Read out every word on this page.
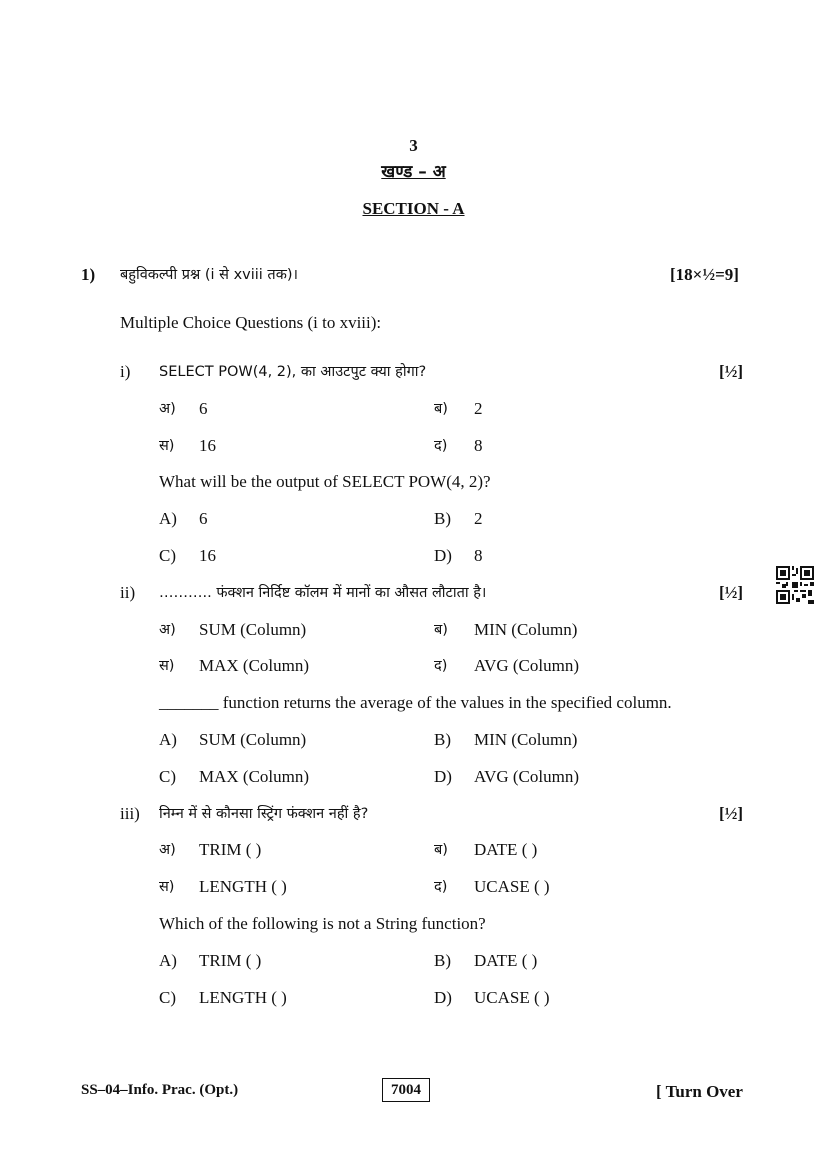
3
खण्ड – अ
SECTION - A
1) बहुविकल्पी प्रश्न (i से xviii तक)।	[18×½=9]
Multiple Choice Questions (i to xviii):
i) SELECT POW(4, 2), का आउटपुट क्या होगा?	[½]
अ) 6	ब) 2
स) 16	द) 8
What will be the output of SELECT POW(4, 2)?
A) 6	B) 2
C) 16	D) 8
ii) ……….. फंक्शन निर्दिष्ट कॉलम में मानों का औसत लौटाता है।	[½]
अ) SUM (Column)	ब) MIN (Column)
स) MAX (Column)	द) AVG (Column)
_______ function returns the average of the values in the specified column.
A) SUM (Column)	B) MIN (Column)
C) MAX (Column)	D) AVG (Column)
iii) निम्न में से कौनसा स्ट्रिंग फंक्शन नहीं है?	[½]
अ) TRIM ( )	ब) DATE ( )
स) LENGTH ( )	द) UCASE ( )
Which of the following is not a String function?
A) TRIM ( )	B) DATE ( )
C) LENGTH ( )	D) UCASE ( )
SS–04–Info. Prac. (Opt.)	7004	[ Turn Over
